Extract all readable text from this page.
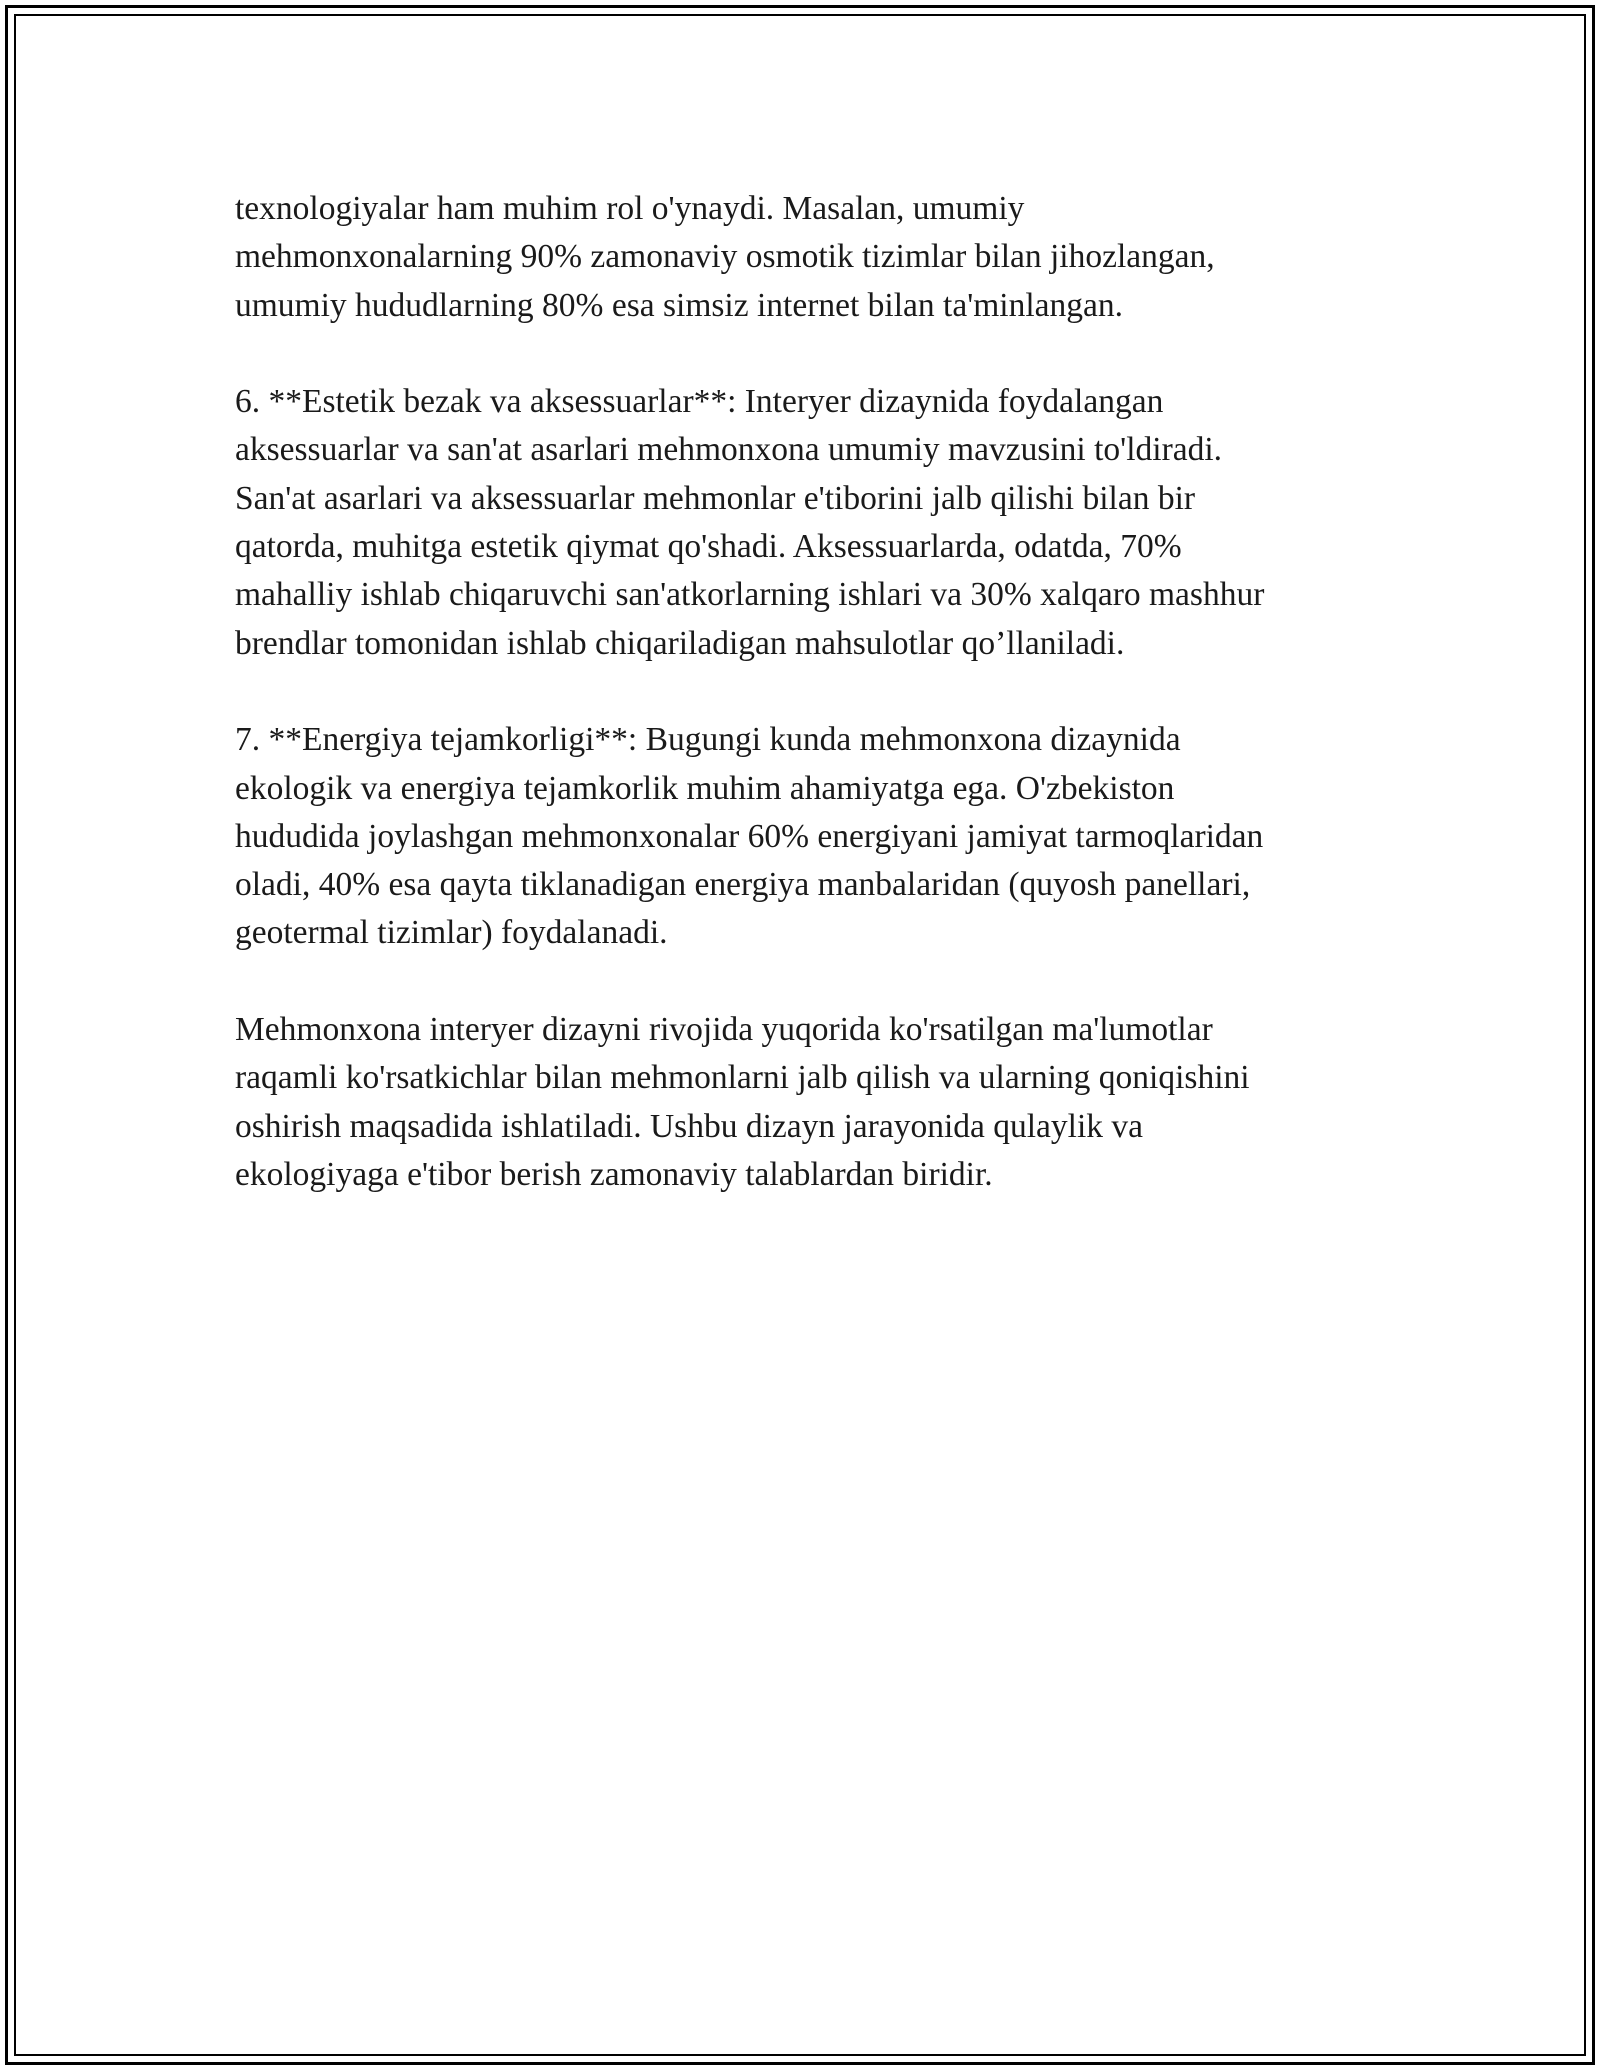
texnologiyalar ham muhim rol o'ynaydi. Masalan, umumiy
mehmonxonalarning 90% zamonaviy osmotik tizimlar bilan jihozlangan,
umumiy hududlarning 80% esa simsiz internet bilan ta'minlangan.

6. **Estetik bezak va aksessuarlar**: Interyer dizaynida foydalangan
aksessuarlar va san'at asarlari mehmonxona umumiy mavzusini to'ldiradi.
San'at asarlari va aksessuarlar mehmonlar e'tiborini jalb qilishi bilan bir
qatorda, muhitga estetik qiymat qo'shadi. Aksessuarlarda, odatda, 70%
mahalliy ishlab chiqaruvchi san'atkorlarning ishlari va 30% xalqaro mashhur
brendlar tomonidan ishlab chiqariladigan mahsulotlar qo’llaniladi.

7. **Energiya tejamkorligi**: Bugungi kunda mehmonxona dizaynida
ekologik va energiya tejamkorlik muhim ahamiyatga ega. O'zbekiston
hududida joylashgan mehmonxonalar 60% energiyani jamiyat tarmoqlaridan
oladi, 40% esa qayta tiklanadigan energiya manbalaridan (quyosh panellari,
geotermal tizimlar) foydalanadi.

Mehmonxona interyer dizayni rivojida yuqorida ko'rsatilgan ma'lumotlar
raqamli ko'rsatkichlar bilan mehmonlarni jalb qilish va ularning qoniqishini
oshirish maqsadida ishlatiladi. Ushbu dizayn jarayonida qulaylik va
ekologiyaga e'tibor berish zamonaviy talablardan biridir.
